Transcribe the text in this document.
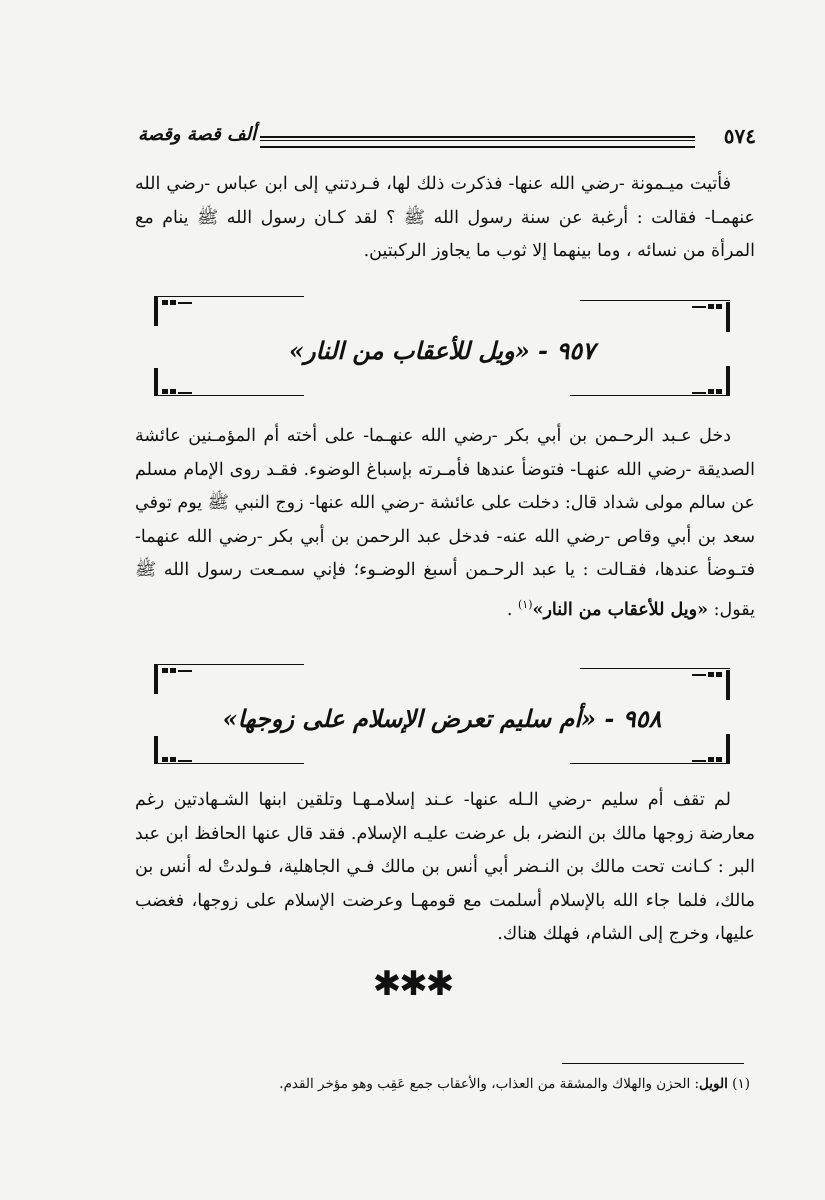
ألف قصة وقصة	٥٧٤
فأتيت ميـمونة -رضي الله عنها- فذكرت ذلك لها، فـردتني إلى ابن عباس -رضي الله عنهمـا- فقالت : أرغبة عن سنة رسول الله ﷺ ؟ لقد كـان رسول الله ﷺ ينام مع المرأة من نسائه ، وما بينهما إلا ثوب ما يجاوز الركبتين.
٩٥٧ - «ويل للأعقاب من النار»
دخل عـبد الرحـمن بن أبي بكر -رضي الله عنهـما- على أخته أم المؤمـنين عائشة الصديقة -رضي الله عنهـا- فتوضأ عندها فأمـرته بإسباغ الوضوء. فقـد روى الإمام مسلم عن سالم مولى شداد قال: دخلت على عائشة -رضي الله عنها- زوج النبي ﷺ يوم توفي سعد بن أبي وقاص -رضي الله عنه- فدخل عبد الرحمن بن أبي بكر -رضي الله عنهما- فتـوضأ عندها، فقـالت : يا عبد الرحـمن أسبغ الوضـوء؛ فإني سمـعت رسول الله ﷺ يقول: «ويل للأعقاب من النار»$^{(١)}$ .
٩٥٨ - «أم سليم تعرض الإسلام على زوجها»
لم تقف أم سليم -رضي الـله عنها- عـند إسلامـهـا وتلقين ابنها الشـهادتين رغم معارضة زوجها مالك بن النضر، بل عرضت عليـه الإسلام. فقد قال عنها الحافظ ابن عبد البر : كـانت تحت مالك بن النـضر أبي أنس بن مالك فـي الجاهلية، فـولدتْ له أنس بن مالك، فلما جاء الله بالإسلام أسلمت مع قومهـا وعرضت الإسلام على زوجها، فغضب عليها، وخرج إلى الشام، فهلك هناك.
✱✱✱
(١) الويل: الحزن والهلاك والمشقة من العذاب، والأعقاب جمع عَقِب وهو مؤخر القدم.
